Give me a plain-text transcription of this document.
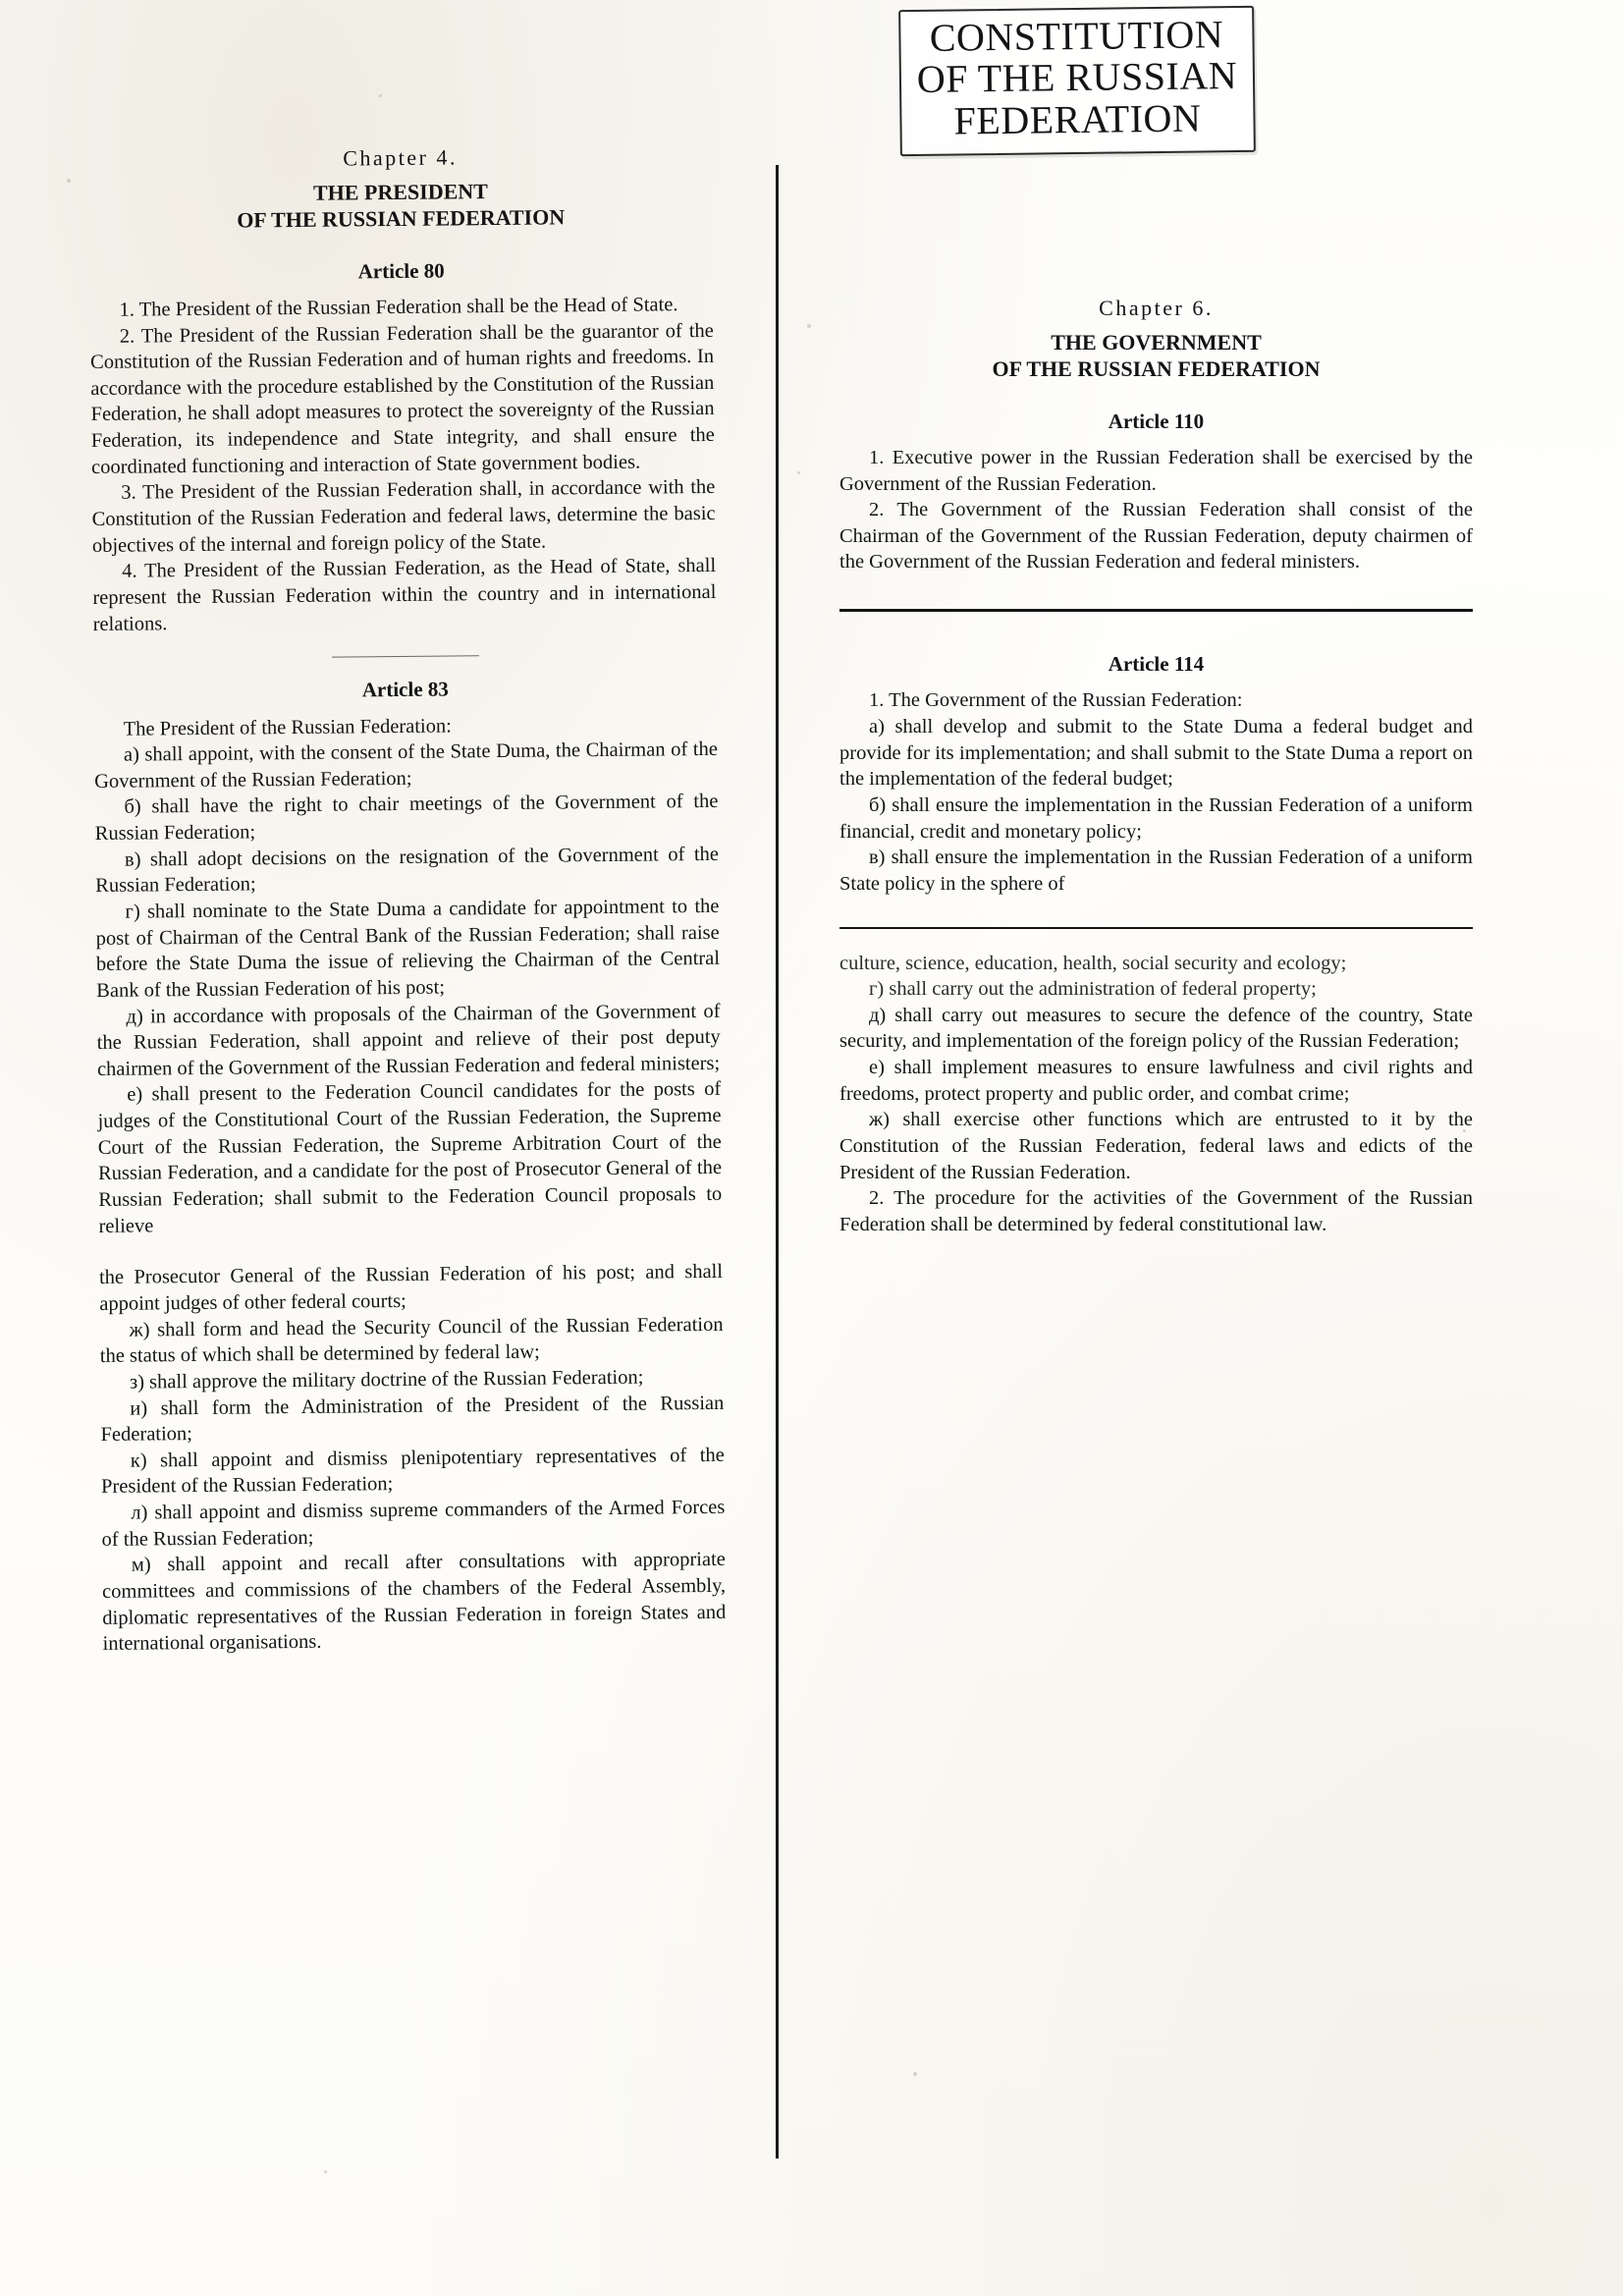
CONSTITUTION
OF THE RUSSIAN
FEDERATION
Chapter 4.
THE PRESIDENT
OF THE RUSSIAN FEDERATION
Article 80

1. The President of the Russian Federation shall be the Head of State.

2. The President of the Russian Federation shall be the guarantor of the Constitution of the Russian Federation and of human rights and freedoms. In accordance with the procedure established by the Constitution of the Russian Federation, he shall adopt measures to protect the sovereignty of the Russian Federation, its independence and State integrity, and shall ensure the coordinated functioning and interaction of State government bodies.

3. The President of the Russian Federation shall, in accordance with the Constitution of the Russian Federation and federal laws, determine the basic objectives of the internal and foreign policy of the State.

4. The President of the Russian Federation, as the Head of State, shall represent the Russian Federation within the country and in international relations.

Article 83

The President of the Russian Federation:

а) shall appoint, with the consent of the State Duma, the Chairman of the Government of the Russian Federation;

б) shall have the right to chair meetings of the Government of the Russian Federation;

в) shall adopt decisions on the resignation of the Government of the Russian Federation;

г) shall nominate to the State Duma a candidate for appointment to the post of Chairman of the Central Bank of the Russian Federation; shall raise before the State Duma the issue of relieving the Chairman of the Central Bank of the Russian Federation of his post;

д) in accordance with proposals of the Chairman of the Government of the Russian Federation, shall appoint and relieve of their post deputy chairmen of the Government of the Russian Federation and federal ministers;

е) shall present to the Federation Council candidates for the posts of judges of the Constitutional Court of the Russian Federation, the Supreme Court of the Russian Federation, the Supreme Arbitration Court of the Russian Federation, and a candidate for the post of Prosecutor General of the Russian Federation; shall submit to the Federation Council proposals to relieve

the Prosecutor General of the Russian Federation of his post; and shall appoint judges of other federal courts;

ж) shall form and head the Security Council of the Russian Federation the status of which shall be determined by federal law;

з) shall approve the military doctrine of the Russian Federation;

и) shall form the Administration of the President of the Russian Federation;

к) shall appoint and dismiss plenipotentiary representatives of the President of the Russian Federation;

л) shall appoint and dismiss supreme commanders of the Armed Forces of the Russian Federation;

м) shall appoint and recall after consultations with appropriate committees and commissions of the chambers of the Federal Assembly, diplomatic representatives of the Russian Federation in foreign States and international organisations.

Chapter 6.
THE GOVERNMENT
OF THE RUSSIAN FEDERATION
Article 110

1. Executive power in the Russian Federation shall be exercised by the Government of the Russian Federation.

2. The Government of the Russian Federation shall consist of the Chairman of the Government of the Russian Federation, deputy chairmen of the Government of the Russian Federation and federal ministers.

Article 114

1. The Government of the Russian Federation:

а) shall develop and submit to the State Duma a federal budget and provide for its implementation; and shall submit to the State Duma a report on the implementation of the federal budget;

б) shall ensure the implementation in the Russian Federation of a uniform financial, credit and monetary policy;

в) shall ensure the implementation in the Russian Federation of a uniform State policy in the sphere of

culture, science, education, health, social security and ecology;

г) shall carry out the administration of federal property;

д) shall carry out measures to secure the defence of the country, State security, and implementation of the foreign policy of the Russian Federation;

е) shall implement measures to ensure lawfulness and civil rights and freedoms, protect property and public order, and combat crime;

ж) shall exercise other functions which are entrusted to it by the Constitution of the Russian Federation, federal laws and edicts of the President of the Russian Federation.

2. The procedure for the activities of the Government of the Russian Federation shall be determined by federal constitutional law.
